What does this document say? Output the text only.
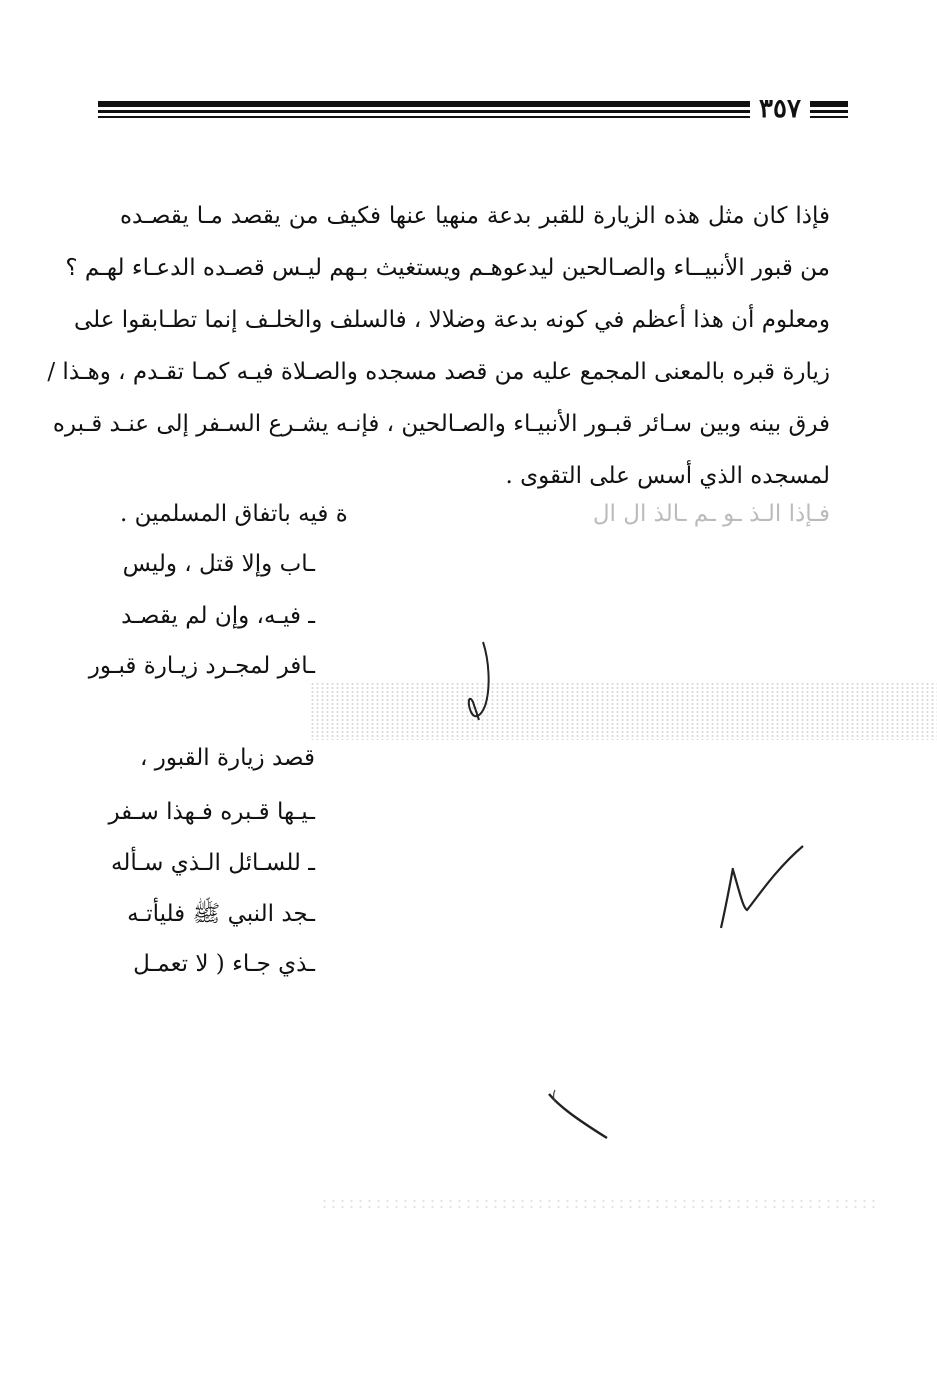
٣٥٧
فإذا كان مثل هذه الزيارة للقبر بدعة منهيا عنها فكيف من يقصد مـا يقصـده
من قبور الأنبيــاء والصـالحين ليدعوهـم ويستغيث بـهم ليـس قصـده الدعـاء لهـم ؟
ومعلوم أن هذا أعظم في كونه بدعة وضلالا ، فالسلف والخلـف إنما تطـابقوا على
زيارة قبره بالمعنى المجمع عليه من قصد مسجده والصـلاة فيـه كمـا تقـدم ، وهـذا /
فرق بينه وبين سـائر قبـور الأنبيـاء والصـالحين ، فإنـه يشـرع السـفر إلى عنـد قـبره
لمسجده الذي أسس على التقوى .
فـإذا الـذ ـو ـم ـالذ ال ال
ة فيه باتفاق المسلمين .
ـاب وإلا قتل ، وليس
ـ فيـه، وإن لم يقصـد
ـافر لمجـرد زيـارة قبـور
قصد زيارة القبور ،
ـيـها قـبره فـهذا سـفر
ـ للسـائل الـذي سـأله
ـجد النبي ﷺ فليأتـه
ـذي جـاء ( لا تعمـل
